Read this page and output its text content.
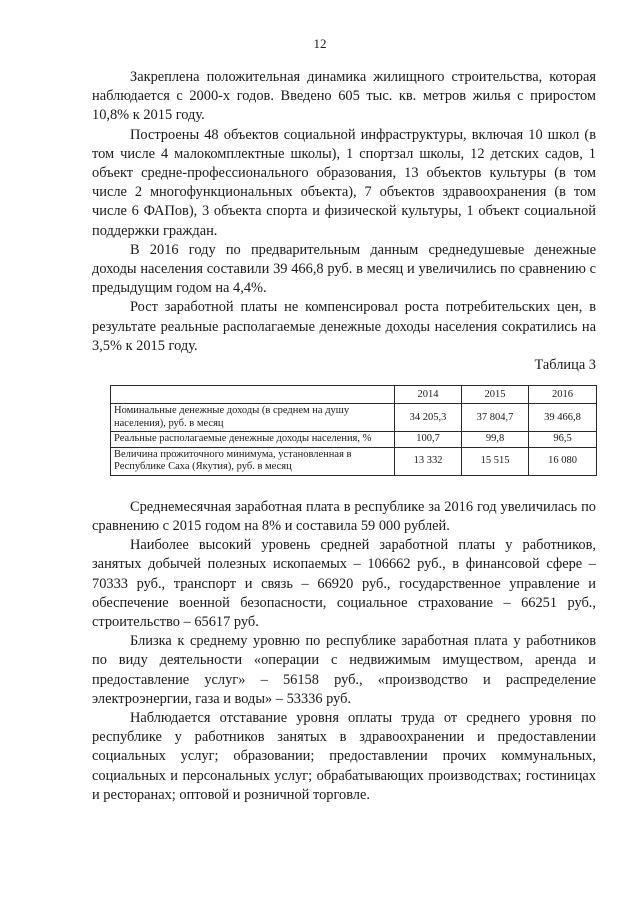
12

Закреплена положительная динамика жилищного строительства, которая наблюдается с 2000-х годов. Введено 605 тыс. кв. метров жилья с приростом 10,8% к 2015 году.

Построены 48 объектов социальной инфраструктуры, включая 10 школ (в том числе 4 малокомплектные школы), 1 спортзал школы, 12 детских садов, 1 объект средне-профессионального образования, 13 объектов культуры (в том числе 2 многофункциональных объекта), 7 объектов здравоохранения (в том числе 6 ФАПов), 3 объекта спорта и физической культуры, 1 объект социальной поддержки граждан.

В 2016 году по предварительным данным среднедушевые денежные доходы населения составили 39 466,8 руб. в месяц и увеличились по сравнению с предыдущим годом на 4,4%.

Рост заработной платы не компенсировал роста потребительских цен, в результате реальные располагаемые денежные доходы населения сократились на 3,5% к 2015 году.

Таблица 3

	2014	2015	2016
Номинальные денежные доходы (в среднем на душу населения), руб. в месяц	34 205,3	37 804,7	39 466,8
Реальные располагаемые денежные доходы населения, %	100,7	99,8	96,5
Величина прожиточного минимума, установленная в Республике Саха (Якутия), руб. в месяц	13 332	15 515	16 080

Среднемесячная заработная плата в республике за 2016 год увеличилась по сравнению с 2015 годом на 8% и составила 59 000 рублей.

Наиболее высокий уровень средней заработной платы у работников, занятых добычей полезных ископаемых – 106662 руб., в финансовой сфере – 70333 руб., транспорт и связь – 66920 руб., государственное управление и обеспечение военной безопасности, социальное страхование – 66251 руб., строительство – 65617 руб.

Близка к среднему уровню по республике заработная плата у работников по виду деятельности «операции с недвижимым имуществом, аренда и предоставление услуг» – 56158 руб., «производство и распределение электроэнергии, газа и воды» – 53336 руб.

Наблюдается отставание уровня оплаты труда от среднего уровня по республике у работников занятых в здравоохранении и предоставлении социальных услуг; образовании; предоставлении прочих коммунальных, социальных и персональных услуг; обрабатывающих производствах; гостиницах и ресторанах; оптовой и розничной торговле.
